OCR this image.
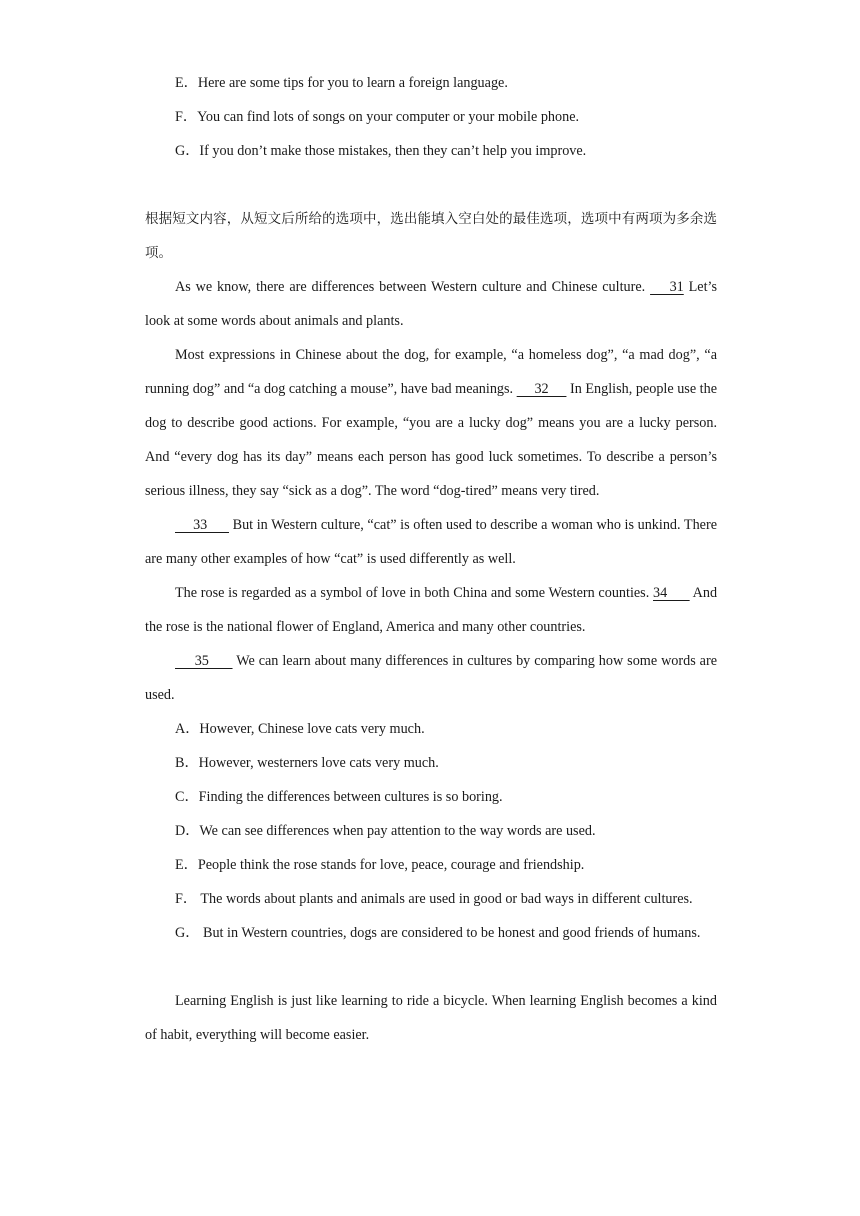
E．Here are some tips for you to learn a foreign language.
F．You can find lots of songs on your computer or your mobile phone.
G．If you don’t make those mistakes, then they can’t help you improve.
根据短文内容，从短文后所给的选项中，选出能填入空白处的最佳选项，选项中有两项为多余选项。
As we know, there are differences between Western culture and Chinese culture.     31 Let’s look at some words about animals and plants.
Most expressions in Chinese about the dog, for example, “a homeless dog”, “a mad dog”, “a running dog” and “a dog catching a mouse”, have bad meanings.      32      In English, people use the dog to describe good actions. For example, “you are a lucky dog” means you are a lucky person. And “every dog has its day” means each person has good luck sometimes. To describe a person’s serious illness, they say “sick as a dog”. The word “dog-tired” means very tired.
33       But in Western culture, “cat” is often used to describe a woman who is unkind. There are many other examples of how “cat” is used differently as well.
The rose is regarded as a symbol of love in both China and some Western counties. 34       And the rose is the national flower of England, America and many other countries.
35       We can learn about many differences in cultures by comparing how some words are used.
A．However, Chinese love cats very much.
B．However, westerners love cats very much.
C．Finding the differences between cultures is so boring.
D．We can see differences when pay attention to the way words are used.
E．People think the rose stands for love, peace, courage and friendship.
F． The words about plants and animals are used in good or bad ways in different cultures.
G． But in Western countries, dogs are considered to be honest and good friends of humans.
Learning English is just like learning to ride a bicycle. When learning English becomes a kind of habit, everything will become easier.
